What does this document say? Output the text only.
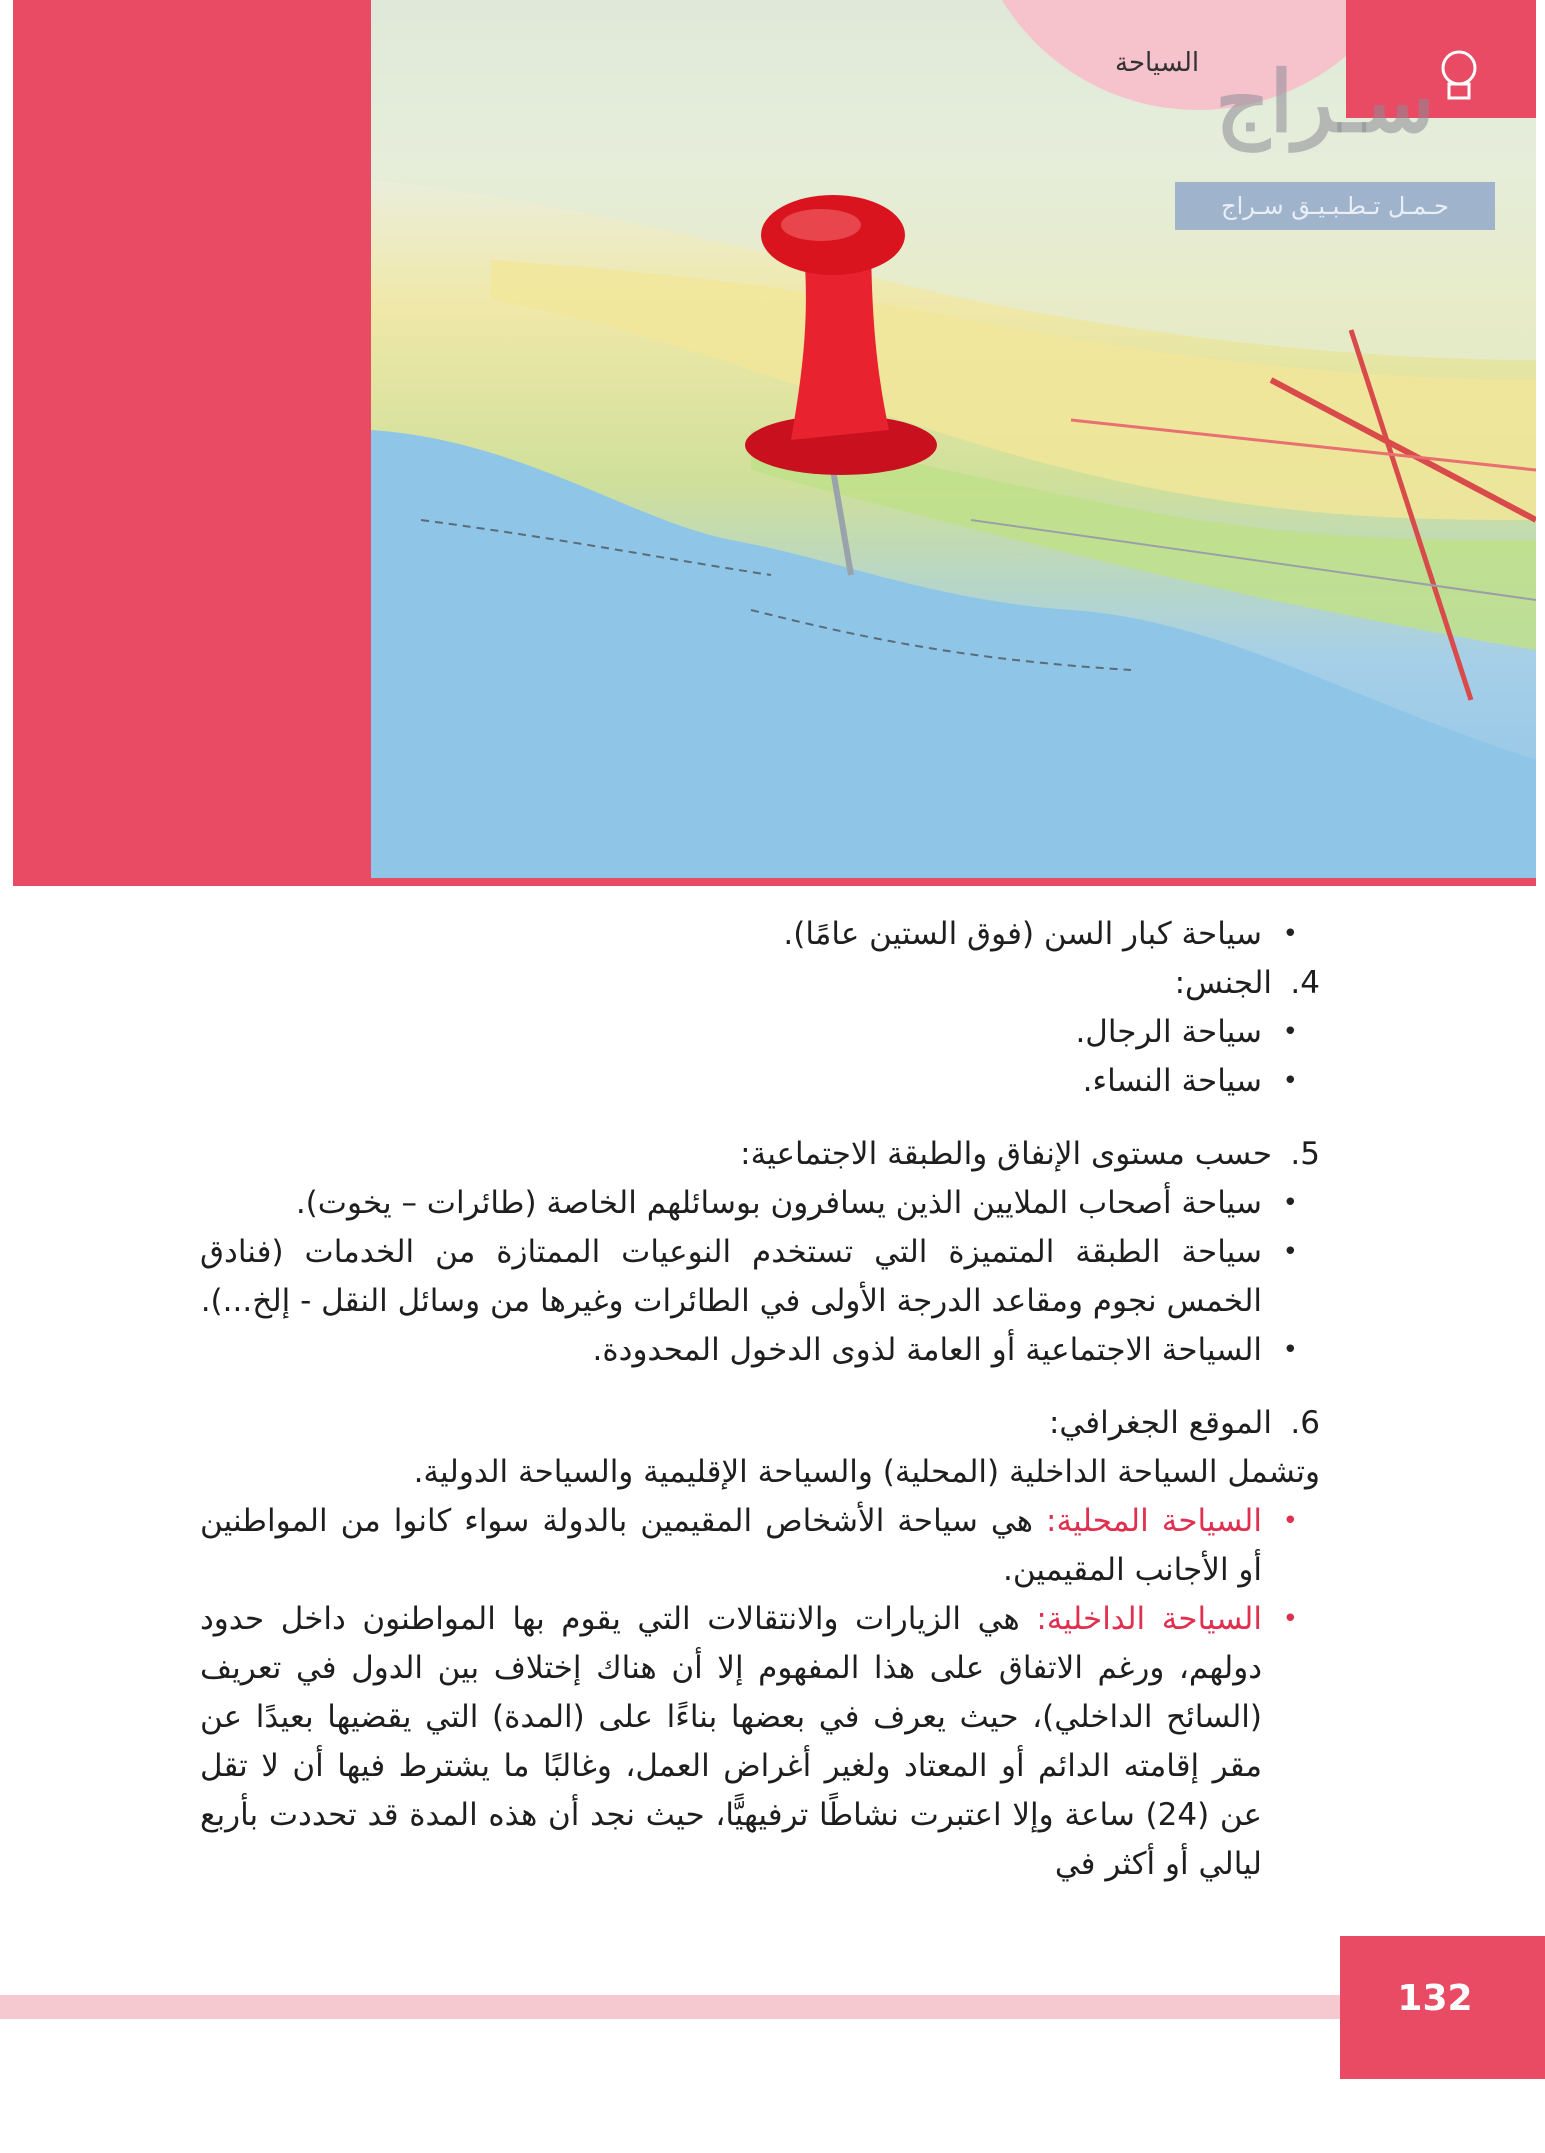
السياحة سـراج
حـمـل تـطـبـيـق سـراج
•
سياحة كبار السن (فوق الستين عامًا).
4.الجنس:
•
سياحة الرجال.
•
سياحة النساء.
5.حسب مستوى الإنفاق والطبقة الاجتماعية:
•
سياحة أصحاب الملايين الذين يسافرون بوسائلهم الخاصة (طائرات – يخوت).
•
سياحة الطبقة المتميزة التي تستخدم النوعيات الممتازة من الخدمات (فنادق الخمس نجوم ومقاعد الدرجة الأولى في الطائرات وغيرها من وسائل النقل - إلخ...).
•
السياحة الاجتماعية أو العامة لذوى الدخول المحدودة.
6.الموقع الجغرافي:

وتشمل السياحة الداخلية (المحلية) والسياحة الإقليمية والسياحة الدولية.

•
السياحة المحلية: هي سياحة الأشخاص المقيمين بالدولة سواء كانوا من المواطنين أو الأجانب المقيمين.
•
السياحة الداخلية: هي الزيارات والانتقالات التي يقوم بها المواطنون داخل حدود دولهم، ورغم الاتفاق على هذا المفهوم إلا أن هناك إختلاف بين الدول في تعريف (السائح الداخلي)، حيث يعرف في بعضها بناءًا على (المدة) التي يقضيها بعيدًا عن مقر إقامته الدائم أو المعتاد ولغير أغراض العمل، وغالبًا ما يشترط فيها أن لا تقل عن (24) ساعة وإلا اعتبرت نشاطًا ترفيهيًّا، حيث نجد أن هذه المدة قد تحددت بأربع ليالي أو أكثر في
132
